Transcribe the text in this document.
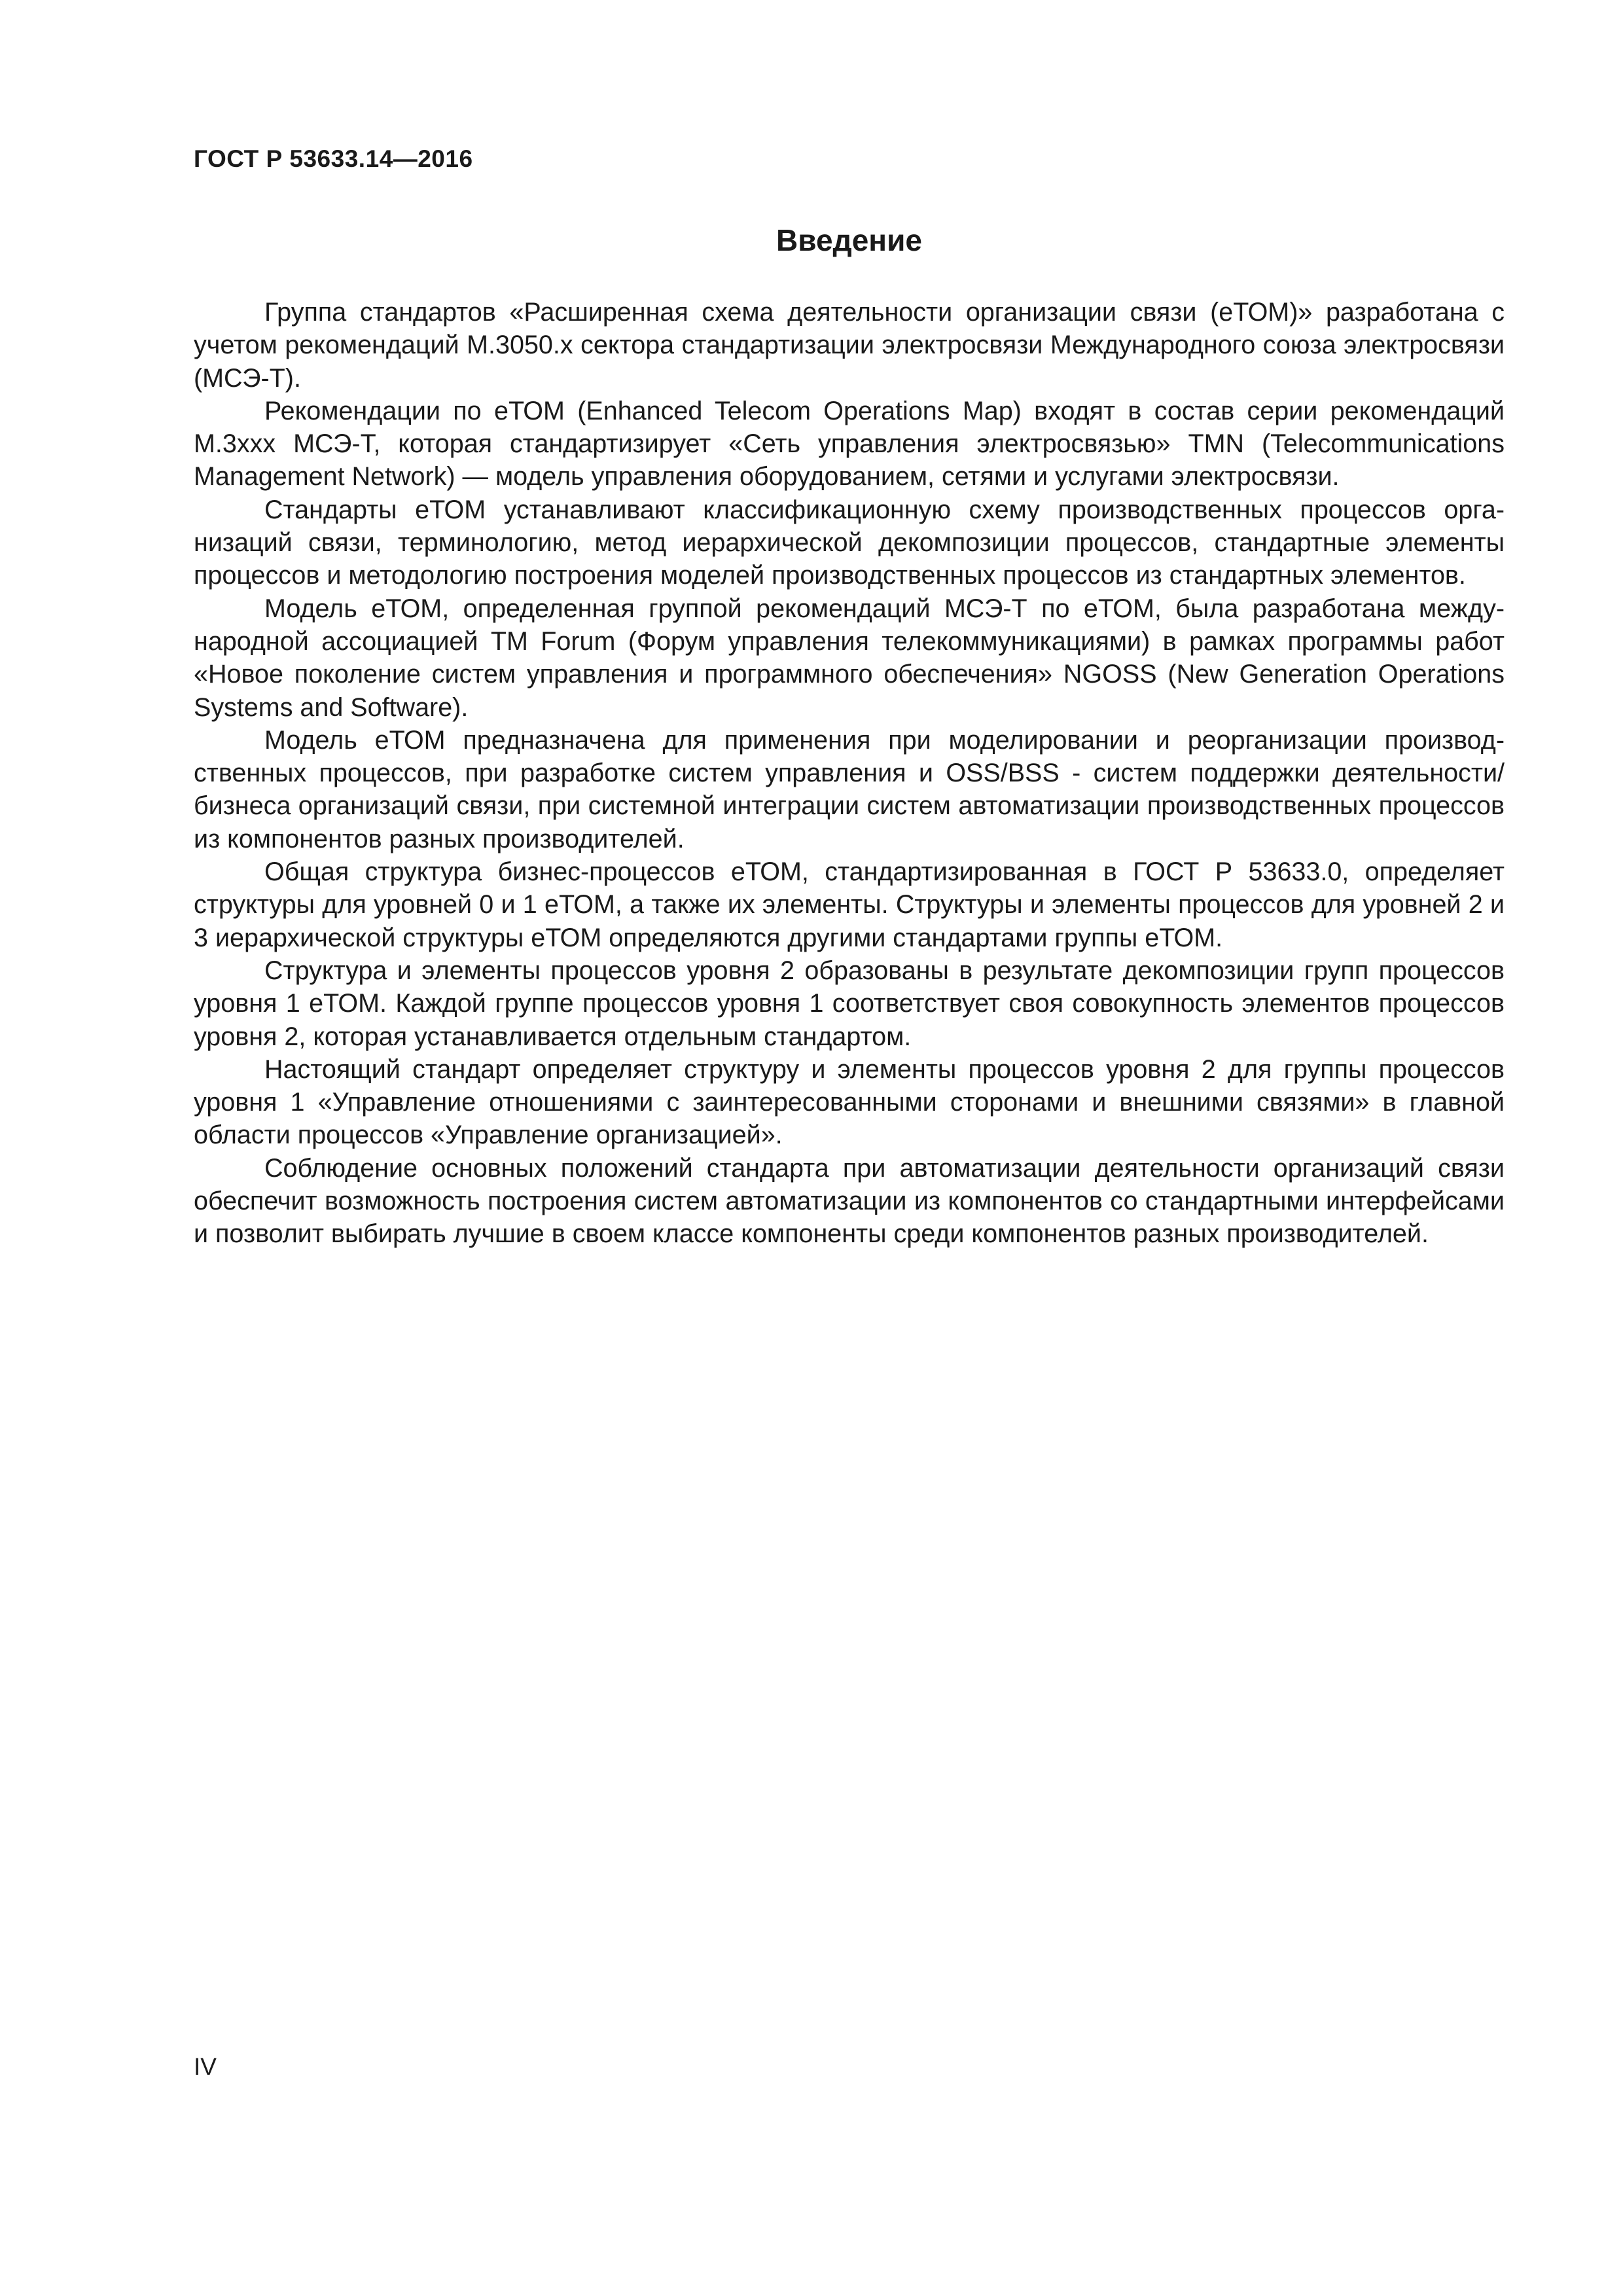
ГОСТ Р 53633.14—2016
Введение

Группа стандартов «Расширенная схема деятельности организации связи (еТОМ)» разработана с учетом рекомендаций M.3050.x сектора стандартизации электросвязи Международного союза электросвязи (МСЭ-Т).

Рекомендации по еТОМ (Enhanced Telecom Operations Map) входят в состав серии рекомендаций М.3ххх МСЭ-Т, которая стандартизирует «Сеть управления электросвязью» TMN (Telecommunications Management Network) — модель управления оборудованием, сетями и услугами электросвязи.

Стандарты еТОМ устанавливают классификационную схему производственных процессов организаций связи, терминологию, метод иерархической декомпозиции процессов, стандартные элементы процессов и методологию построения моделей производственных процессов из стандартных элементов.

Модель еТОМ, определенная группой рекомендаций МСЭ-Т по еТОМ, была разработана международной ассоциацией ТМ Forum (Форум управления телекоммуникациями) в рамках программы работ «Новое поколение систем управления и программного обеспечения» NGOSS (New Generation Operations Systems and Software).

Модель еТОМ предназначена для применения при моделировании и реорганизации производственных процессов, при разработке систем управления и OSS/BSS - систем поддержки деятельности/ бизнеса организаций связи, при системной интеграции систем автоматизации производственных процессов из компонентов разных производителей.

Общая структура бизнес-процессов еТОМ, стандартизированная в ГОСТ Р 53633.0, определяет структуры для уровней 0 и 1 еТОМ, а также их элементы. Структуры и элементы процессов для уровней 2 и 3 иерархической структуры еТОМ определяются другими стандартами группы еТОМ.

Структура и элементы процессов уровня 2 образованы в результате декомпозиции групп процессов уровня 1 еТОМ. Каждой группе процессов уровня 1 соответствует своя совокупность элементов процессов уровня 2, которая устанавливается отдельным стандартом.

Настоящий стандарт определяет структуру и элементы процессов уровня 2 для группы процессов уровня 1 «Управление отношениями с заинтересованными сторонами и внешними связями» в главной области процессов «Управление организацией».

Соблюдение основных положений стандарта при автоматизации деятельности организаций связи обеспечит возможность построения систем автоматизации из компонентов со стандартными интерфейсами и позволит выбирать лучшие в своем классе компоненты среди компонентов разных производителей.

IV
